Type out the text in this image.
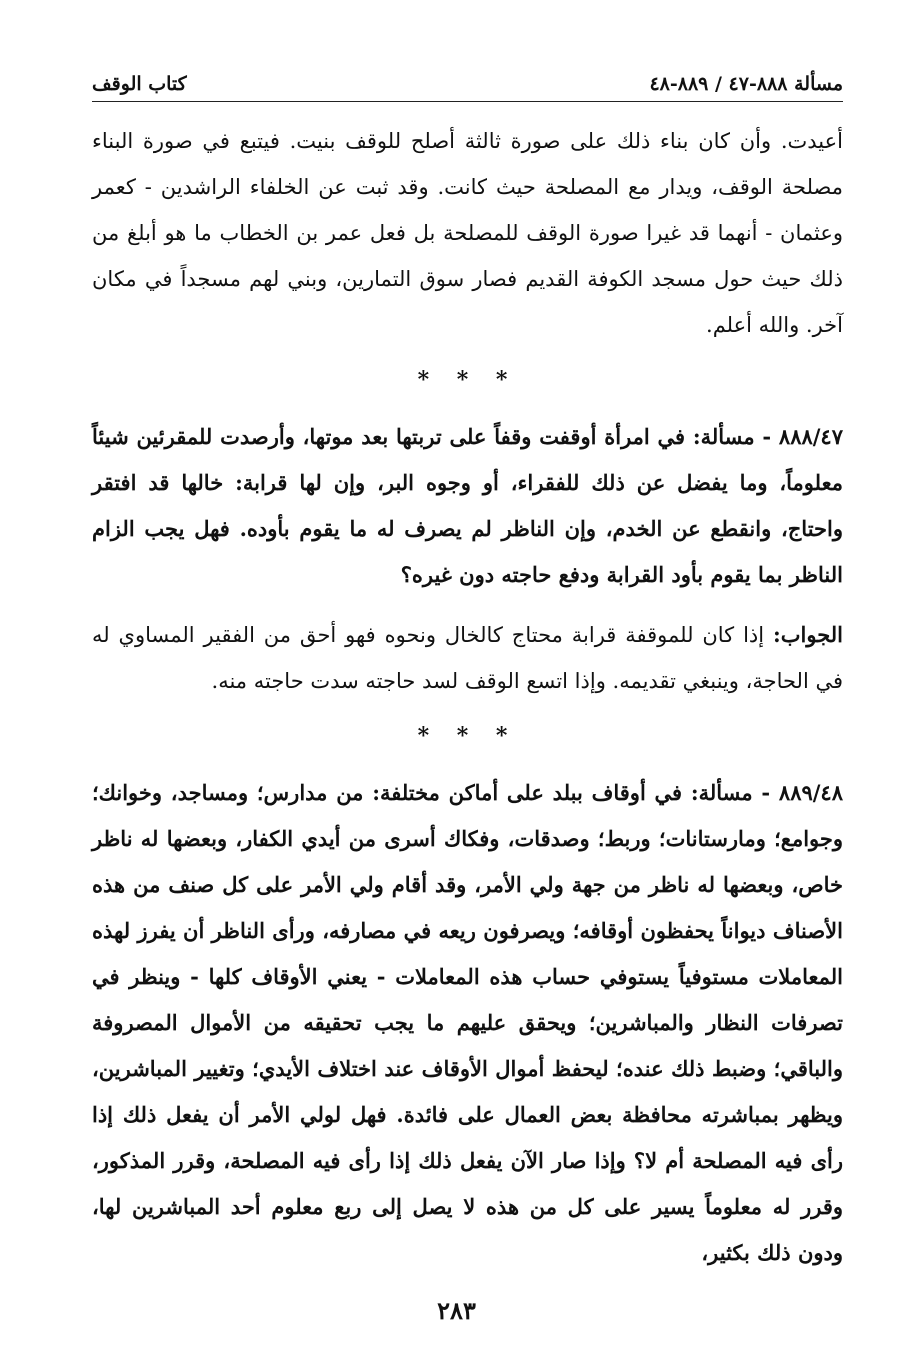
مسألة ٨٨٨-٤٧ / ٨٨٩-٤٨
كتاب الوقف

أعيدت. وأن كان بناء ذلك على صورة ثالثة أصلح للوقف بنيت. فيتبع في صورة البناء مصلحة الوقف، ويدار مع المصلحة حيث كانت. وقد ثبت عن الخلفاء الراشدين - كعمر وعثمان - أنهما قد غيرا صورة الوقف للمصلحة بل فعل عمر بن الخطاب ما هو أبلغ من ذلك حيث حول مسجد الكوفة القديم فصار سوق التمارين، وبني لهم مسجداً في مكان آخر. والله أعلم.

* * *

٨٨٨/٤٧ - مسألة: في امرأة أوقفت وقفاً على تربتها بعد موتها، وأرصدت للمقرئين شيئاً معلوماً، وما يفضل عن ذلك للفقراء، أو وجوه البر، وإن لها قرابة: خالها قد افتقر واحتاج، وانقطع عن الخدم، وإن الناظر لم يصرف له ما يقوم بأوده. فهل يجب الزام الناظر بما يقوم بأود القرابة ودفع حاجته دون غيره؟

الجواب: إذا كان للموقفة قرابة محتاج كالخال ونحوه فهو أحق من الفقير المساوي له في الحاجة، وينبغي تقديمه. وإذا اتسع الوقف لسد حاجته سدت حاجته منه.

* * *

٨٨٩/٤٨ - مسألة: في أوقاف ببلد على أماكن مختلفة: من مدارس؛ ومساجد، وخوانك؛ وجوامع؛ ومارستانات؛ وربط؛ وصدقات، وفكاك أسرى من أيدي الكفار، وبعضها له ناظر خاص، وبعضها له ناظر من جهة ولي الأمر، وقد أقام ولي الأمر على كل صنف من هذه الأصناف ديواناً يحفظون أوقافه؛ ويصرفون ريعه في مصارفه، ورأى الناظر أن يفرز لهذه المعاملات مستوفياً يستوفي حساب هذه المعاملات - يعني الأوقاف كلها - وينظر في تصرفات النظار والمباشرين؛ ويحقق عليهم ما يجب تحقيقه من الأموال المصروفة والباقي؛ وضبط ذلك عنده؛ ليحفظ أموال الأوقاف عند اختلاف الأيدي؛ وتغيير المباشرين، ويظهر بمباشرته محافظة بعض العمال على فائدة. فهل لولي الأمر أن يفعل ذلك إذا رأى فيه المصلحة أم لا؟ وإذا صار الآن يفعل ذلك إذا رأى فيه المصلحة، وقرر المذكور، وقرر له معلوماً يسير على كل من هذه لا يصل إلى ربع معلوم أحد المباشرين لها، ودون ذلك بكثير،

٢٨٣
